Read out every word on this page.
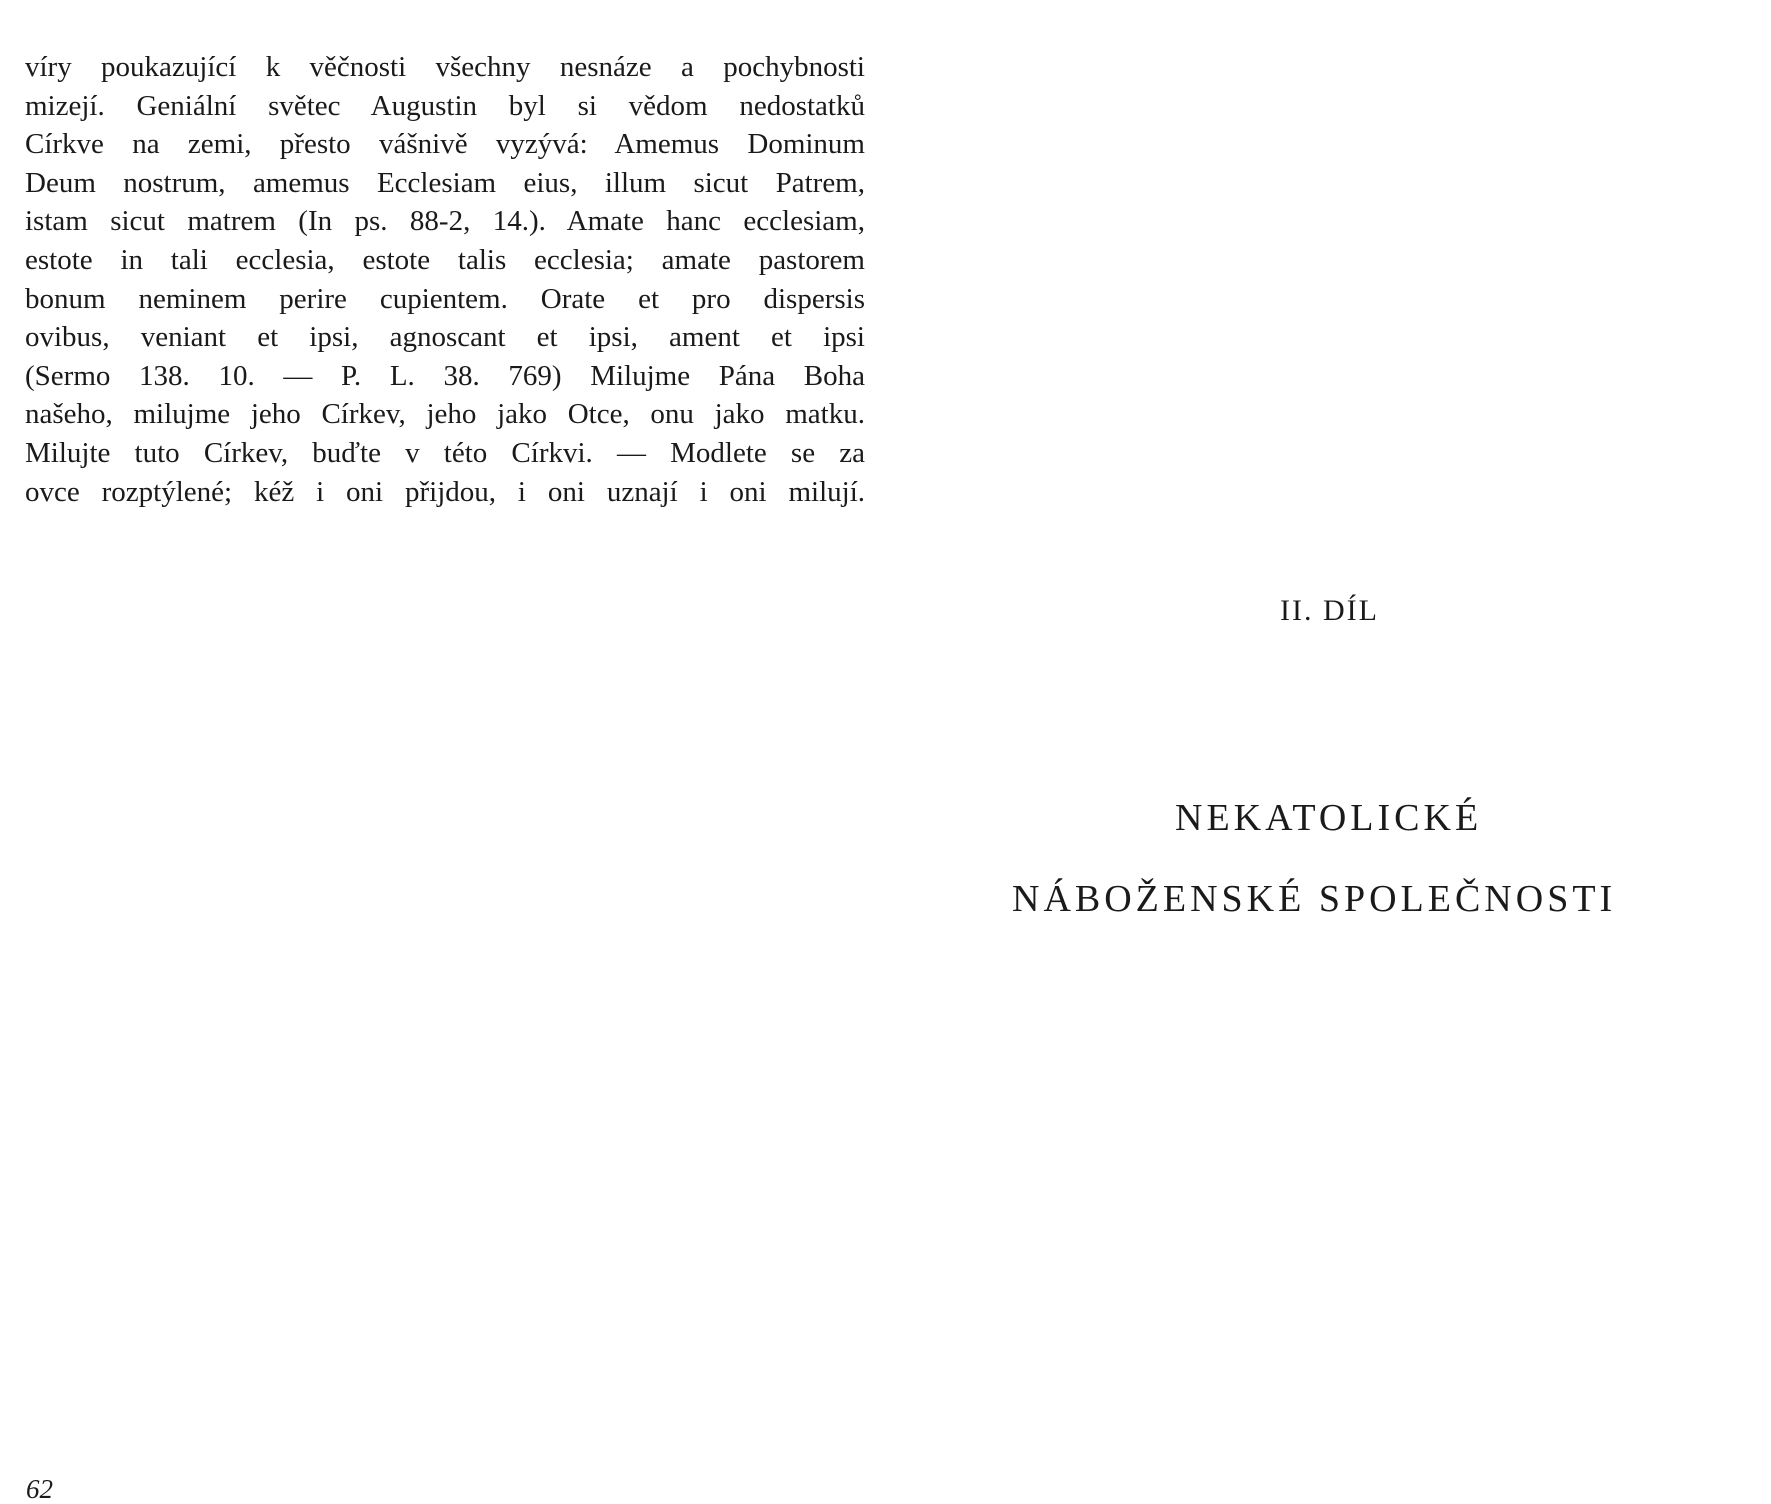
víry poukazující k věčnosti všechny nesnáze a pochybnosti
mizejí. Geniální světec Augustin byl si vědom nedostatků
Církve na zemi, přesto vášnivě vyzývá: Amemus Dominum
Deum nostrum, amemus Ecclesiam eius, illum sicut Patrem,
istam sicut matrem (In ps. 88-2, 14.). Amate hanc ecclesiam,
estote in tali ecclesia, estote talis ecclesia; amate pastorem
bonum neminem perire cupientem. Orate et pro dispersis
ovibus, veniant et ipsi, agnoscant et ipsi, ament et ipsi
(Sermo 138. 10. — P. L. 38. 769) Milujme Pána Boha
našeho, milujme jeho Církev, jeho jako Otce, onu jako matku.
Milujte tuto Církev, buďte v této Církvi. — Modlete se za
ovce rozptýlené; kéž i oni přijdou, i oni uznají i oni milují.
62
II. DÍL
NEKATOLICKÉ
NÁBOŽENSKÉ SPOLEČNOSTI
